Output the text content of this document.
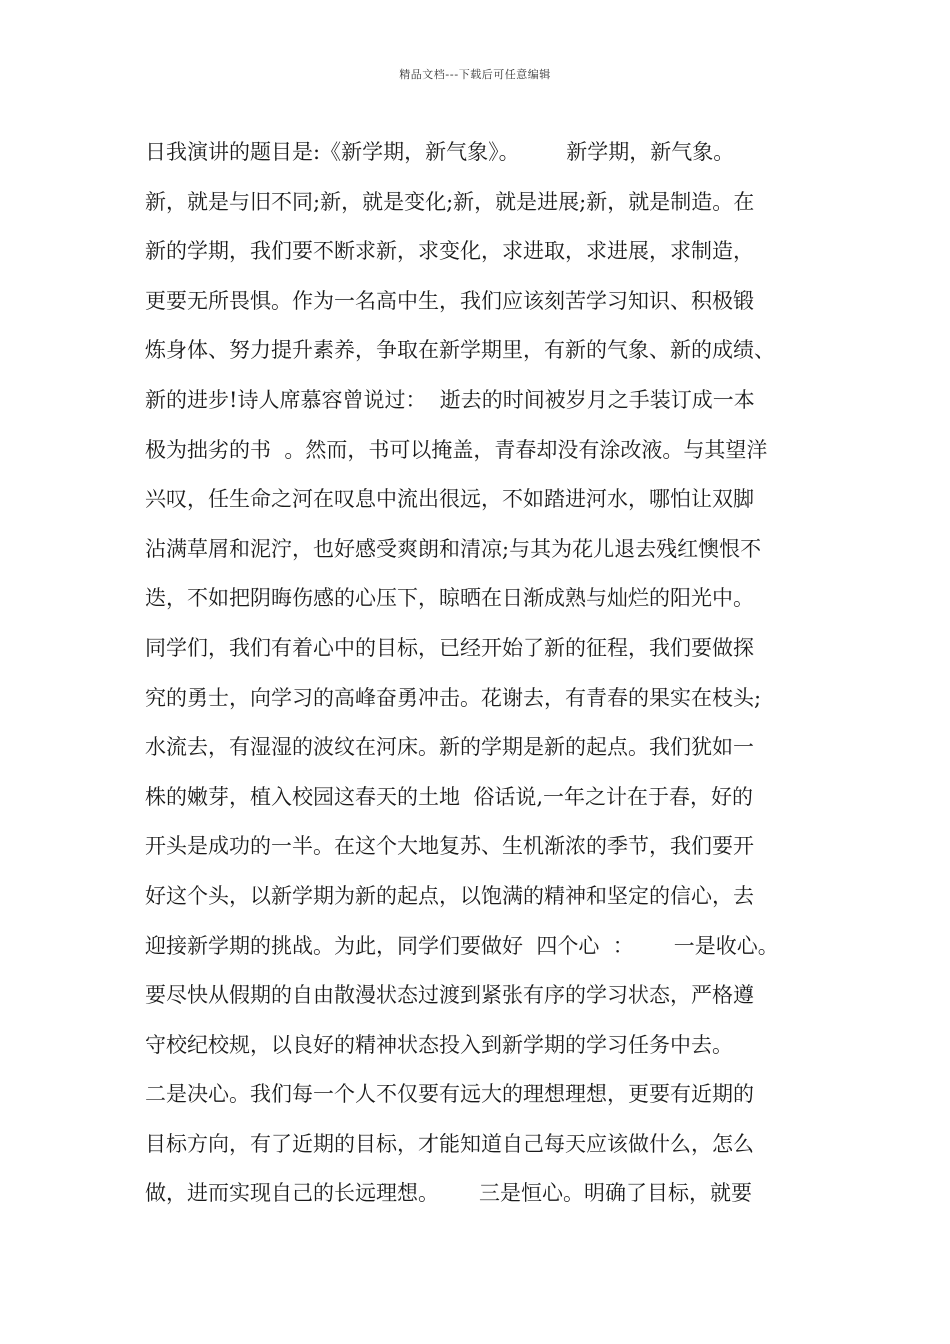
精品文档---下载后可任意编辑
日我演讲的题目是:《新学期，新气象》。       新学期，新气象。
新，就是与旧不同;新，就是变化;新，就是进展;新，就是制造。在
新的学期，我们要不断求新，求变化，求进取，求进展，求制造，
更要无所畏惧。作为一名高中生，我们应该刻苦学习知识、积极锻
炼身体、努力提升素养，争取在新学期里，有新的气象、新的成绩、
新的进步!诗人席慕容曾说过：  逝去的时间被岁月之手装订成一本
极为拙劣的书  。然而，书可以掩盖，青春却没有涂改液。与其望洋
兴叹，任生命之河在叹息中流出很远，不如踏进河水，哪怕让双脚
沾满草屑和泥泞，也好感受爽朗和清凉;与其为花儿退去残红懊恨不
迭，不如把阴晦伤感的心压下，晾晒在日渐成熟与灿烂的阳光中。
同学们，我们有着心中的目标，已经开始了新的征程，我们要做探
究的勇士，向学习的高峰奋勇冲击。花谢去，有青春的果实在枝头;
水流去，有湿湿的波纹在河床。新的学期是新的起点。我们犹如一
株的嫩芽，植入校园这春天的土地  俗话说,一年之计在于春，好的
开头是成功的一半。在这个大地复苏、生机渐浓的季节，我们要开
好这个头，以新学期为新的起点，以饱满的精神和坚定的信心，去
迎接新学期的挑战。为此，同学们要做好  四个心  ：      一是收心。
要尽快从假期的自由散漫状态过渡到紧张有序的学习状态，严格遵
守校纪校规，以良好的精神状态投入到新学期的学习任务中去。
二是决心。我们每一个人不仅要有远大的理想理想，更要有近期的
目标方向，有了近期的目标，才能知道自己每天应该做什么，怎么
做，进而实现自己的长远理想。      三是恒心。明确了目标，就要
